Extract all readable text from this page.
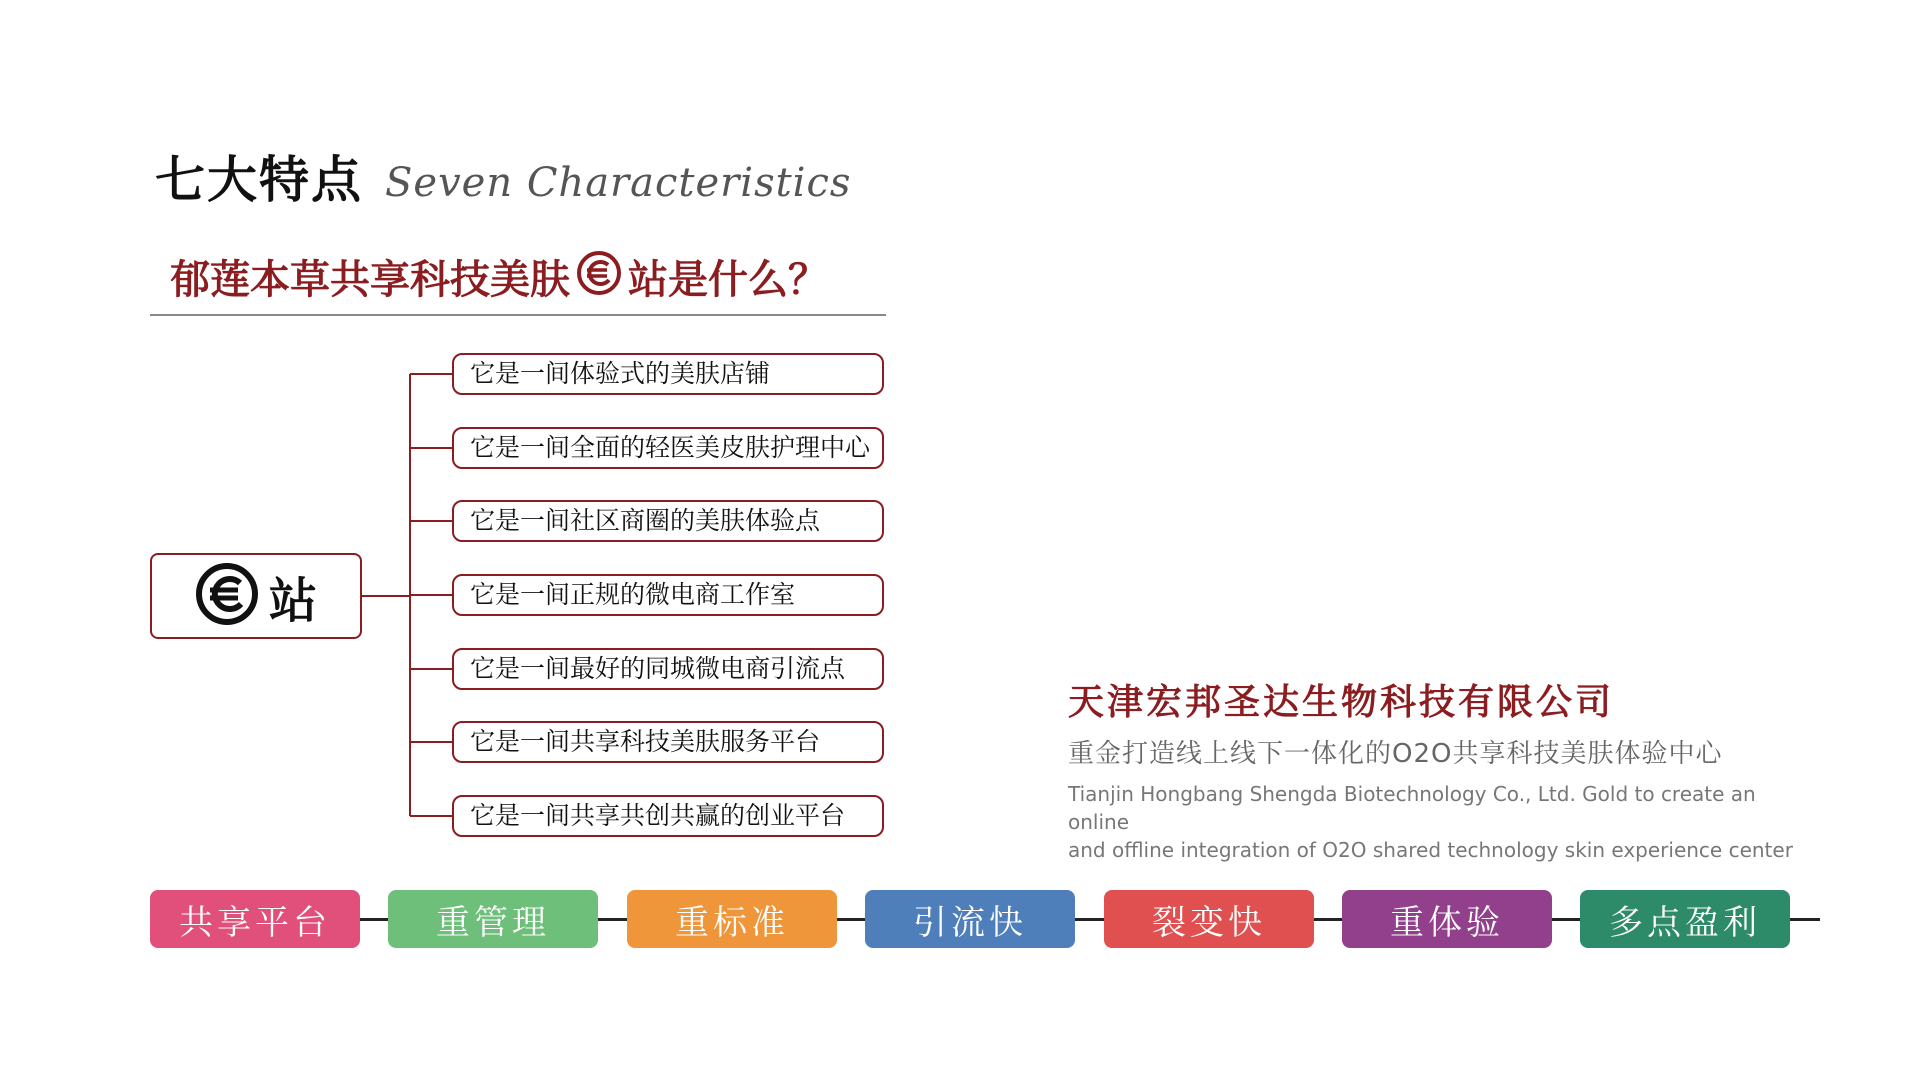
七大特点 Seven Characteristics
郁莲本草共享科技美肤 站是什么？
站
它是一间体验式的美肤店铺
它是一间全面的轻医美皮肤护理中心
它是一间社区商圈的美肤体验点
它是一间正规的微电商工作室
它是一间最好的同城微电商引流点
它是一间共享科技美肤服务平台
它是一间共享共创共赢的创业平台
天津宏邦圣达生物科技有限公司
重金打造线上线下一体化的O2O共享科技美肤体验中心
Tianjin Hongbang Shengda Biotechnology Co., Ltd. Gold to create an online
and offline integration of O2O shared technology skin experience center
共享平台	重管理	重标准	引流快	裂变快	重体验	多点盈利
